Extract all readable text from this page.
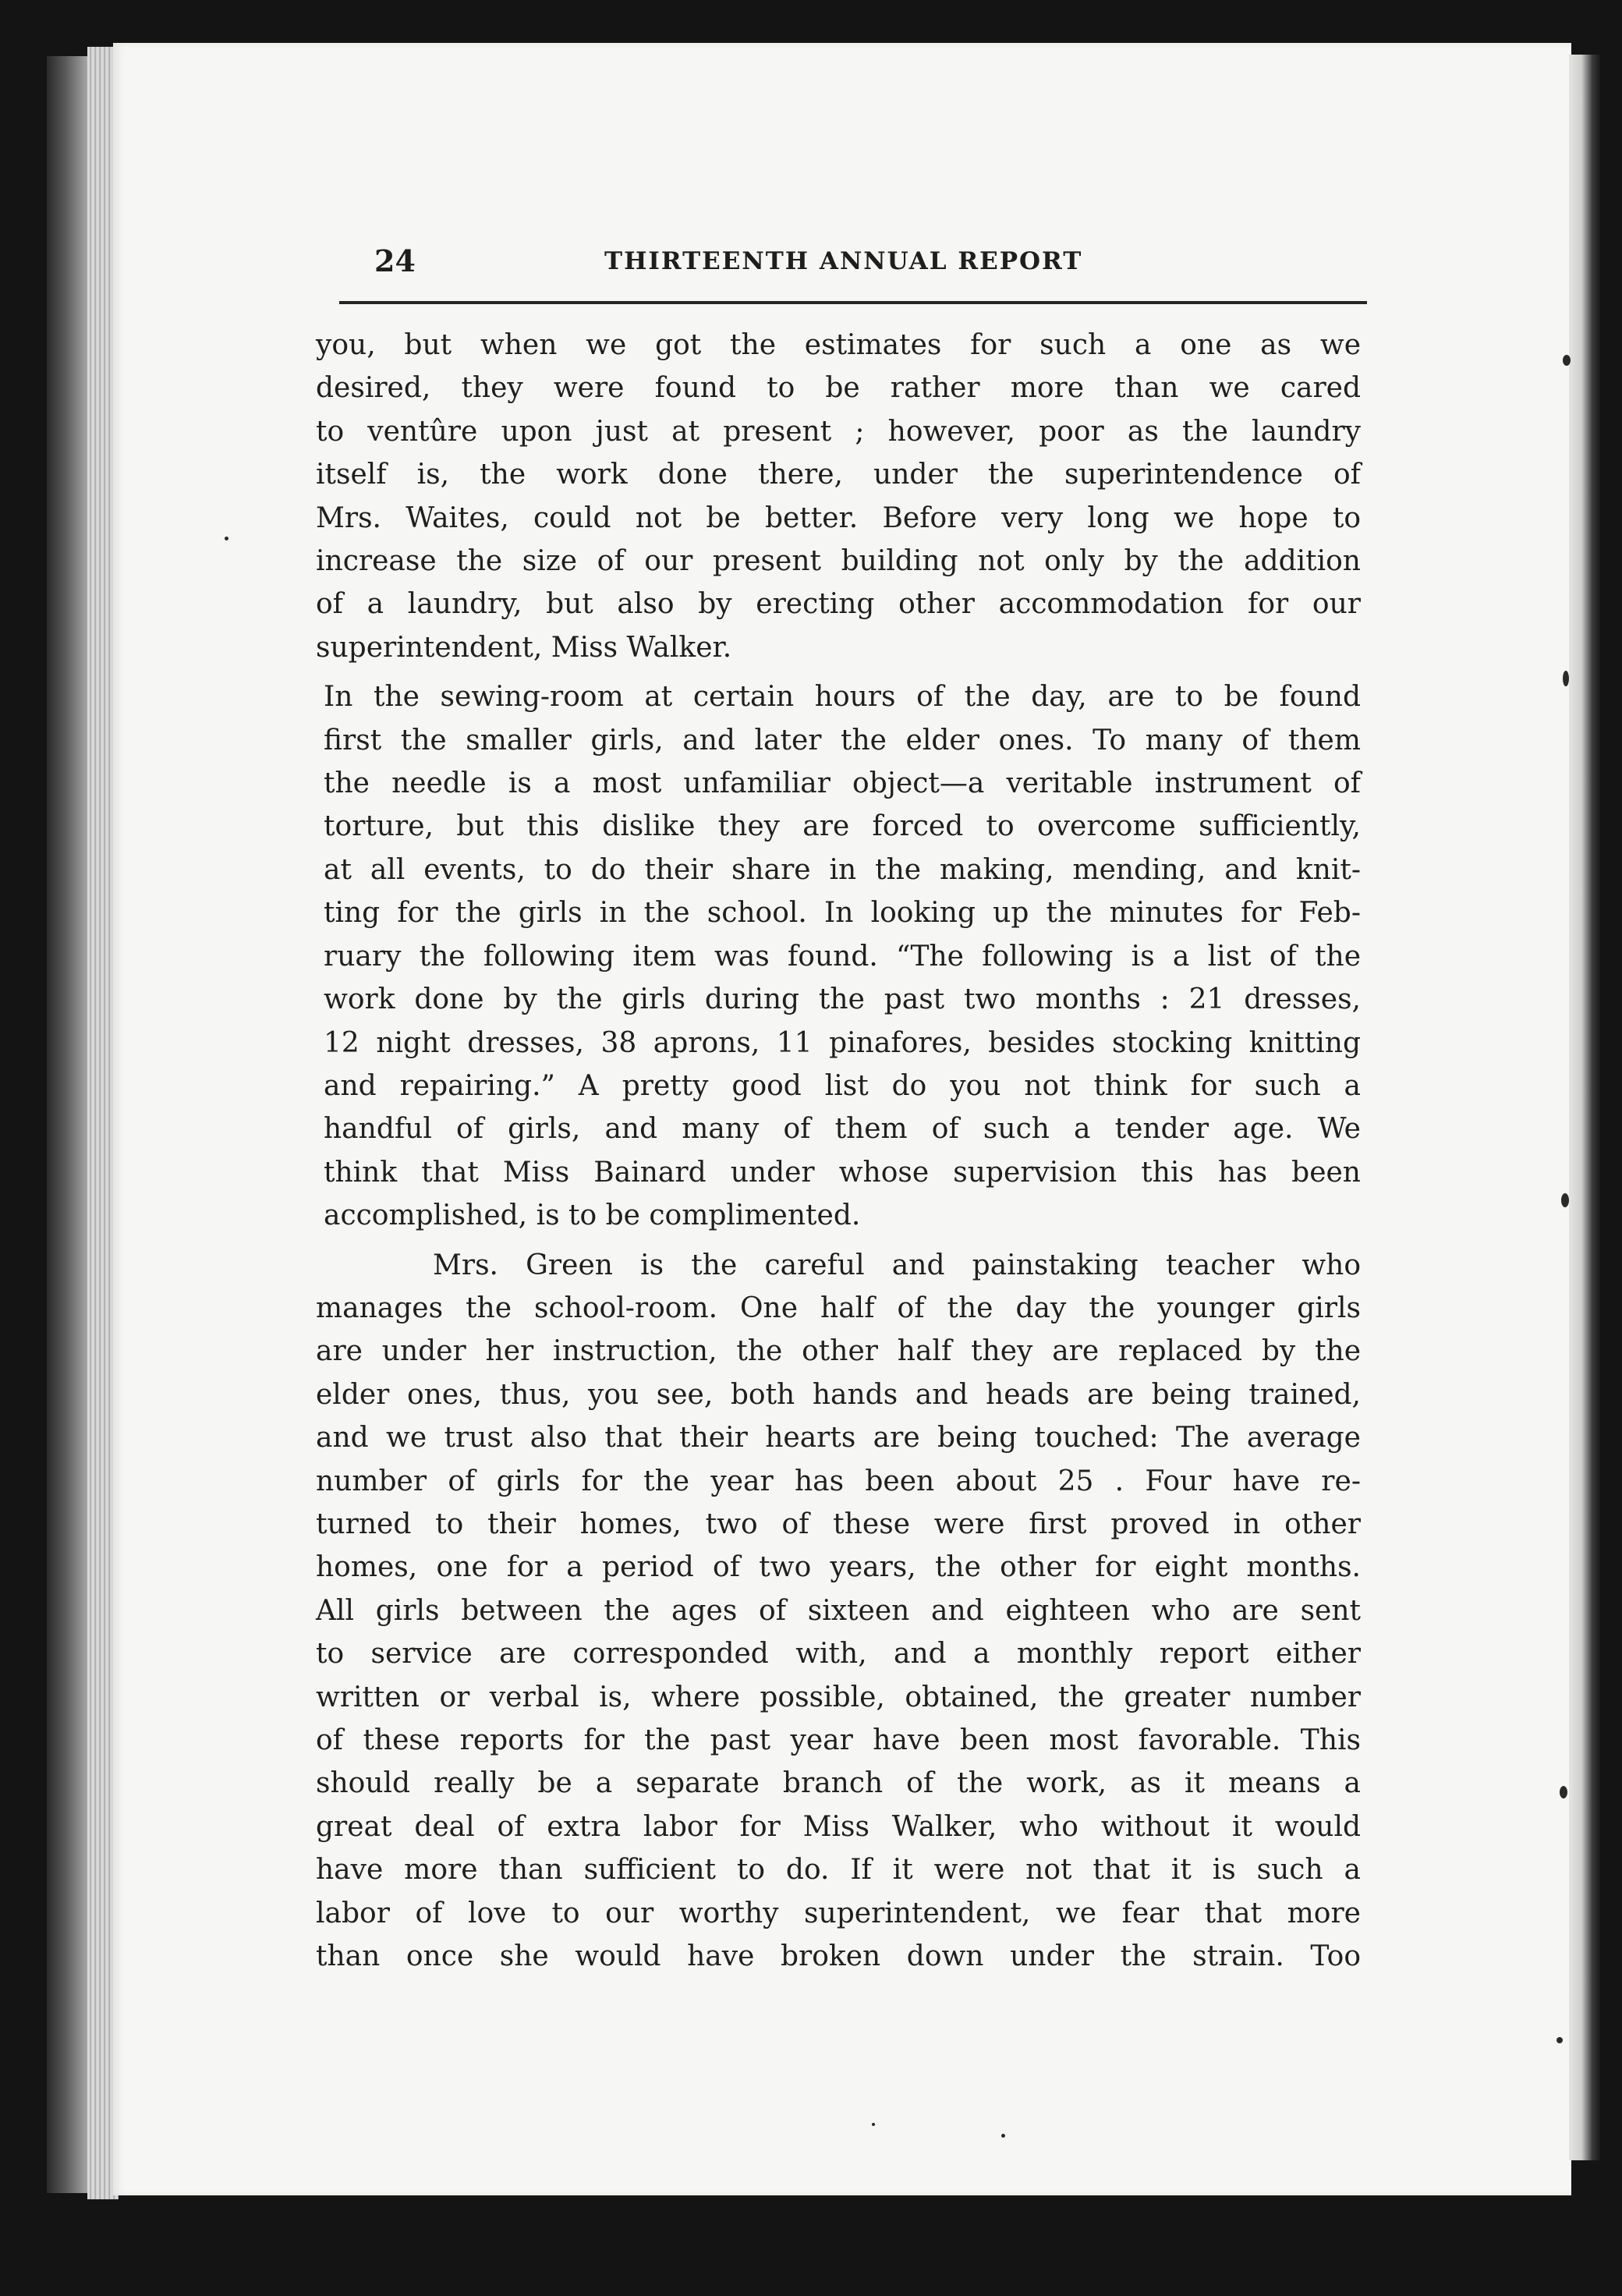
24	THIRTEENTH ANNUAL REPORT

you, but when we got the estimates for such a one as we
desired, they were found to be rather more than we cared
to ventûre upon just at present ; however, poor as the laundry
itself is, the work done there, under the superintendence of
Mrs. Waites, could not be better. Before very long we hope to
increase the size of our present building not only by the addition
of a laundry, but also by erecting other accommodation for our
superintendent, Miss Walker.

In the sewing-room at certain hours of the day, are to be found
first the smaller girls, and later the elder ones. To many of them
the needle is a most unfamiliar object—a veritable instrument of
torture, but this dislike they are forced to overcome sufficiently,
at all events, to do their share in the making, mending, and knit-
ting for the girls in the school. In looking up the minutes for Feb-
ruary the following item was found. “The following is a list of the
work done by the girls during the past two months : 21 dresses,
12 night dresses, 38 aprons, 11 pinafores, besides stocking knitting
and repairing.” A pretty good list do you not think for such a
handful of girls, and many of them of such a tender age. We
think that Miss Bainard under whose supervision this has been
accomplished, is to be complimented.

Mrs. Green is the careful and painstaking teacher who
manages the school-room. One half of the day the younger girls
are under her instruction, the other half they are replaced by the
elder ones, thus, you see, both hands and heads are being trained,
and we trust also that their hearts are being touched: The average
number of girls for the year has been about 25 . Four have re-
turned to their homes, two of these were first proved in other
homes, one for a period of two years, the other for eight months.
All girls between the ages of sixteen and eighteen who are sent
to service are corresponded with, and a monthly report either
written or verbal is, where possible, obtained, the greater number
of these reports for the past year have been most favorable. This
should really be a separate branch of the work, as it means a
great deal of extra labor for Miss Walker, who without it would
have more than sufficient to do. If it were not that it is such a
labor of love to our worthy superintendent, we fear that more
than once she would have broken down under the strain. Too
